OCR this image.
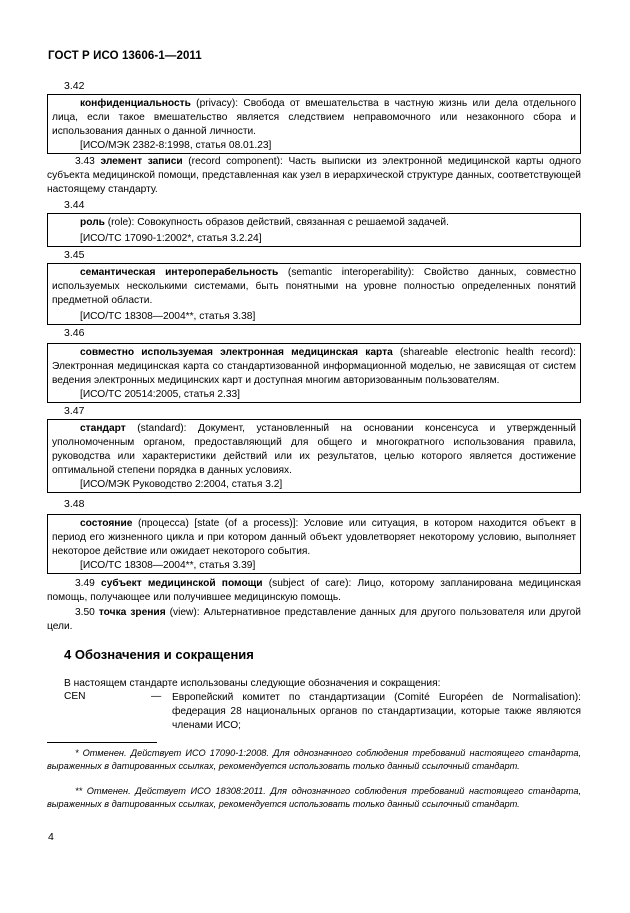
ГОСТ Р ИСО 13606-1—2011
3.42
конфиденциальность (privacy): Свобода от вмешательства в частную жизнь или дела отдельного лица, если такое вмешательство является следствием неправомочного или незаконного сбора и использования данных о данной личности.
[ИСО/МЭК 2382-8:1998, статья 08.01.23]
3.43 элемент записи (record component): Часть выписки из электронной медицинской карты одного субъекта медицинской помощи, представленная как узел в иерархической структуре данных, соответствующей настоящему стандарту.
3.44
роль (role): Совокупность образов действий, связанная с решаемой задачей.
[ИСО/ТС 17090-1:2002*, статья 3.2.24]
3.45
семантическая интероперабельность (semantic interoperability): Свойство данных, совместно используемых несколькими системами, быть понятными на уровне полностью определенных понятий предметной области.
[ИСО/ТС 18308—2004**, статья 3.38]
3.46
совместно используемая электронная медицинская карта (shareable electronic health record): Электронная медицинская карта со стандартизованной информационной моделью, не зависящая от систем ведения электронных медицинских карт и доступная многим авторизованным пользователям.
[ИСО/ТС 20514:2005, статья 2.33]
3.47
стандарт (standard): Документ, установленный на основании консенсуса и утвержденный уполномоченным органом, предоставляющий для общего и многократного использования правила, руководства или характеристики действий или их результатов, целью которого является достижение оптимальной степени порядка в данных условиях.
[ИСО/МЭК Руководство 2:2004, статья 3.2]
3.48
состояние (процесса) [state (of a process)]: Условие или ситуация, в котором находится объект в период его жизненного цикла и при котором данный объект удовлетворяет некоторому условию, выполняет некоторое действие или ожидает некоторого события.
[ИСО/ТС 18308—2004**, статья 3.39]
3.49 субъект медицинской помощи (subject of care): Лицо, которому запланирована медицинская помощь, получающее или получившее медицинскую помощь.
3.50 точка зрения (view): Альтернативное представление данных для другого пользователя или другой цели.
4 Обозначения и сокращения
В настоящем стандарте использованы следующие обозначения и сокращения:
CEN	— Европейский комитет по стандартизации (Comité Européen de Normalisation): федерация 28 национальных органов по стандартизации, которые также являются членами ИСО;
* Отменен. Действует ИСО 17090-1:2008. Для однозначного соблюдения требований настоящего стандарта, выраженных в датированных ссылках, рекомендуется использовать только данный ссылочный стандарт.
** Отменен. Действует ИСО 18308:2011. Для однозначного соблюдения требований настоящего стандарта, выраженных в датированных ссылках, рекомендуется использовать только данный ссылочный стандарт.
4
